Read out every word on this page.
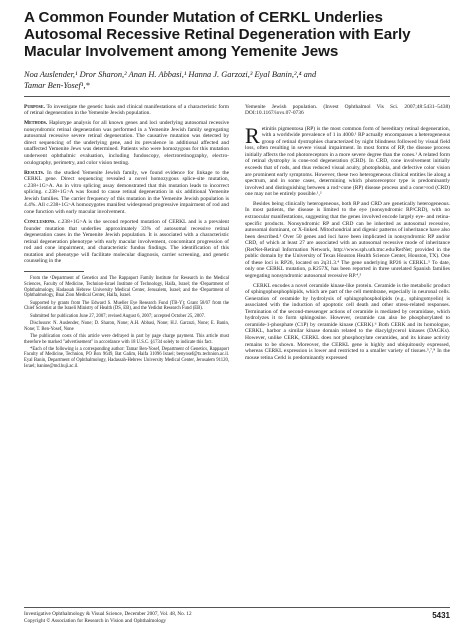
A Common Founder Mutation of CERKL Underlies Autosomal Recessive Retinal Degeneration with Early Macular Involvement among Yemenite Jews
Noa Auslender,¹ Dror Sharon,² Anan H. Abbasi,¹ Hanna J. Garzozi,³ Eyal Banin,²,⁴ and
Tamar Ben-Yosef¹,*

Purpose. To investigate the genetic basis and clinical manifestations of a characteristic form of retinal degeneration in the Yemenite Jewish population.

Methods. Haplotype analysis for all known genes and loci underlying autosomal recessive nonsyndromic retinal degeneration was performed in a Yemenite Jewish family segregating autosomal recessive severe retinal degeneration. The causative mutation was detected by direct sequencing of the underlying gene, and its prevalence in additional affected and unaffected Yemenite Jews was determined. Patients who were homozygous for this mutation underwent ophthalmic evaluation, including fundoscopy, electroretinography, electro-oculography, perimetry, and color vision testing.

Results. In the studied Yemenite Jewish family, we found evidence for linkage to the CERKL gene. Direct sequencing revealed a novel homozygous splice-site mutation, c.238+1G>A. An in vitro splicing assay demonstrated that this mutation leads to incorrect splicing. c.238+1G>A was found to cause retinal degeneration in six additional Yemenite Jewish families. The carrier frequency of this mutation in the Yemenite Jewish population is 4.4%. All c.238+1G>A homozygotes manifest widespread progressive impairment of rod and cone function with early macular involvement.

Conclusions. c.238+1G>A is the second reported mutation of CERKL and is a prevalent founder mutation that underlies approximately 33% of autosomal recessive retinal degeneration cases in the Yemenite Jewish population. It is associated with a characteristic retinal degeneration phenotype with early macular involvement, concomitant progression of rod and cone impairment, and characteristic fundus findings. The identification of this mutation and phenotype will facilitate molecular diagnosis, carrier screening, and genetic counseling in the

From the ¹Department of Genetics and The Rappaport Family Institute for Research in the Medical Sciences, Faculty of Medicine, Technion-Israel Institute of Technology, Haifa, Israel; the ²Department of Ophthalmology, Hadassah Hebrew University Medical Center, Jerusalem, Israel; and the ³Department of Ophthalmology, Bnai Zion Medical Center, Haifa, Israel.

Supported by grants from The Edward S. Mueller Eye Research Fund (TB-Y); Grant 58/07 from the Chief Scientist at the Israeli Ministry of Health (DS, EB), and the Yedidut Research Fund (EB).

Submitted for publication June 27, 2007; revised August 6, 2007; accepted October 25, 2007.

Disclosure: N. Auslender, None; D. Sharon, None; A.H. Abbasi, None; H.J. Garzozi, None; E. Banin, None; T. Ben-Yosef, None

The publication costs of this article were defrayed in part by page charge payment. This article must therefore be marked "advertisement" in accordance with 18 U.S.C. §1734 solely to indicate this fact.

*Each of the following is a corresponding author: Tamar Ben-Yosef, Department of Genetics, Rappaport Faculty of Medicine, Technion, PO Box 9649, Bat Galim, Haifa 31096 Israel; benyosef@tx.technion.ac.il. Eyal Banin, Department of Ophthalmology, Hadassah-Hebrew University Medical Center, Jerusalem 91120, Israel; banine@md.huji.ac.il.

Yemenite Jewish population. (Invest Ophthalmol Vis Sci. 2007;48:5431–5438) DOI:10.1167/iovs.07-0736

Retinitis pigmentosa (RP) is the most common form of hereditary retinal degeneration, with a worldwide prevalence of 1 in 4000.¹ RP actually encompasses a heterogeneous group of retinal dystrophies characterized by night blindness followed by visual field loss, often resulting in severe visual impairment. In most forms of RP, the disease process initially affects the rod photoreceptors in a more severe degree than the cones.¹ A related form of retinal dystrophy is cone-rod degeneration (CRD). In CRD, cone involvement initially exceeds that of rods, and thus reduced visual acuity, photophobia, and defective color vision are prominent early symptoms. However, these two heterogeneous clinical entities lie along a spectrum, and in some cases, determining which photoreceptor type is predominantly involved and distinguishing between a rod>cone (RP) disease process and a cone>rod (CRD) one may not be entirely possible.¹,²

Besides being clinically heterogeneous, both RP and CRD are genetically heterogeneous. In most patients, the disease is limited to the eye (nonsyndromic RP/CRD), with no extraocular manifestations, suggesting that the genes involved encode largely eye- and retina-specific products. Nonsyndromic RP and CRD can be inherited as autosomal recessive, autosomal dominant, or X-linked. Mitochondrial and digenic patterns of inheritance have also been described.³ Over 50 genes and loci have been implicated in nonsyndromic RP and/or CRD, of which at least 27 are associated with an autosomal recessive mode of inheritance (RetNet-Retinal Information Network, http://www.sph.uth.tmc.edu/RetNet; provided in the public domain by the University of Texas Houston Health Science Center, Houston, TX). One of these loci is RP26, located on 2q31.3.⁴ The gene underlying RP26 is CERKL.⁵ To date, only one CERKL mutation, p.R257X, has been reported in three unrelated Spanish families segregating nonsyndromic autosomal recessive RP.⁴,⁵

CERKL encodes a novel ceramide kinase-like protein. Ceramide is the metabolic product of sphingophosphophipids, which are part of the cell membrane, especially in neuronal cells. Generation of ceramide by hydrolysis of sphingophospholipids (e.g., sphingomyelin) is associated with the induction of apoptotic cell death and other stress-related responses. Termination of the second-messenger actions of ceramide is mediated by ceramidase, which hydrolyzes it to form sphingosine. However, ceramide can also be phosphorylated to ceramide-1-phosphate (C1P) by ceramide kinase (CERK).⁶ Both CERK and its homologue, CERKL, harbor a similar kinase domain related to the diacylglycerol kinases (DAGKs). However, unlike CERK, CERKL does not phosphorylate ceramides, and its kinase activity remains to be shown. Moreover, the CERKL gene is highly and ubiquitously expressed, whereas CERKL expression is lower and restricted to a smaller variety of tissues.⁵,⁷,⁸ In the mouse retina Cerkl is predominantly expressed

Investigative Ophthalmology & Visual Science, December 2007, Vol. 48, No. 12
Copyright © Association for Research in Vision and Ophthalmology
5431
